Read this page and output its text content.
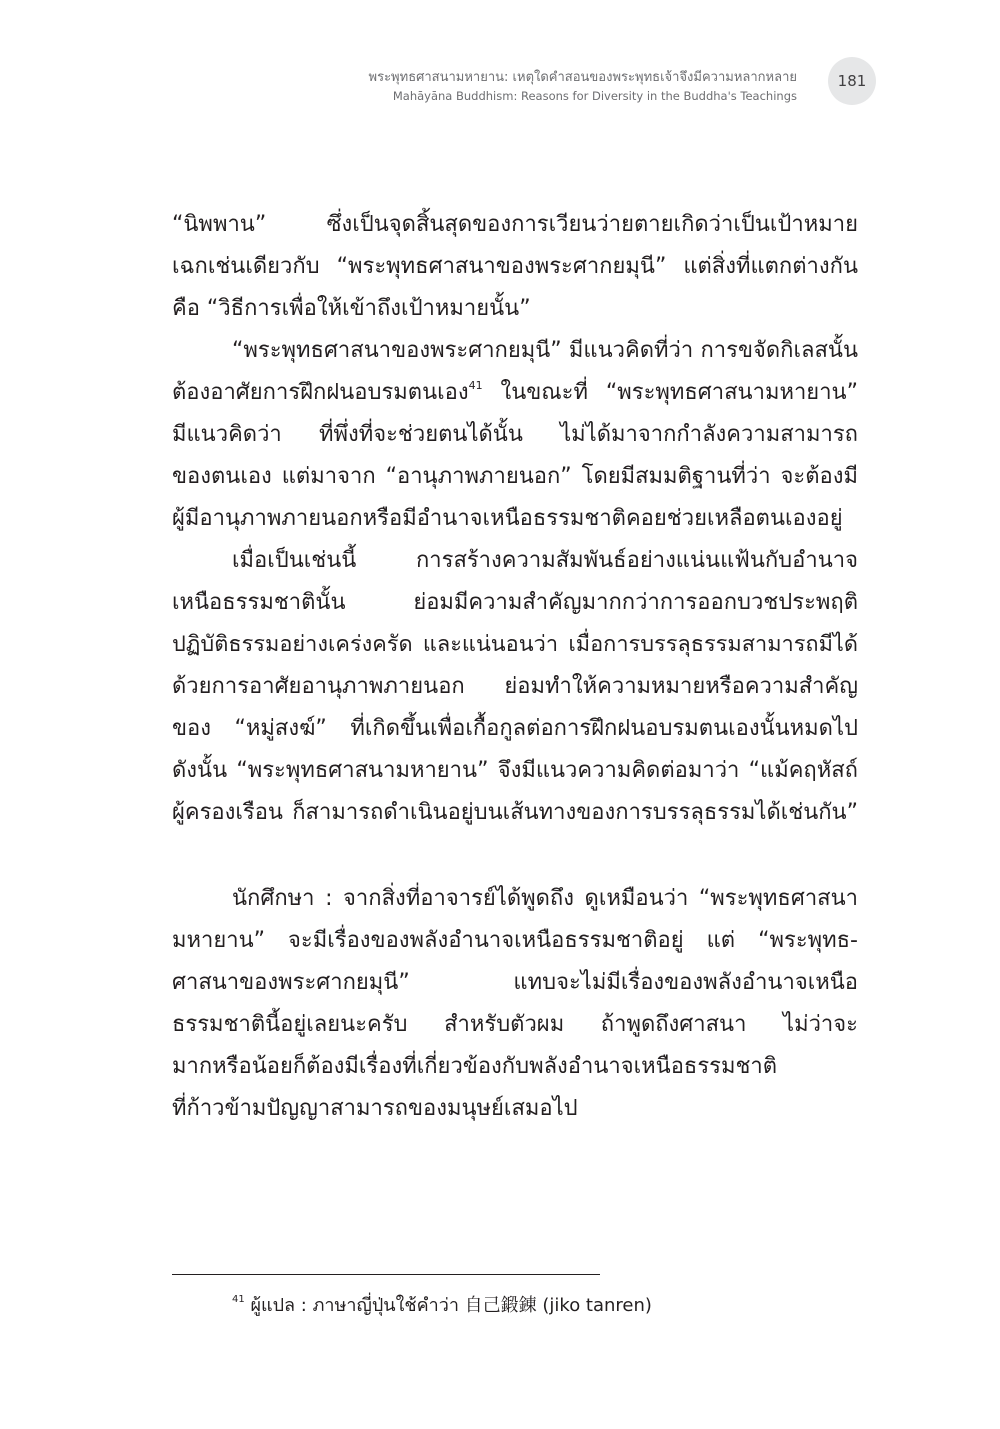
พระพุทธศาสนามหายาน: เหตุใดคำสอนของพระพุทธเจ้าจึงมีความหลากหลาย
Mahāyāna Buddhism: Reasons for Diversity in the Buddha's Teachings
181
“นิพพาน” ซึ่งเป็นจุดสิ้นสุดของการเวียนว่ายตายเกิดว่าเป็นเป้าหมาย
เฉกเช่นเดียวกับ “พระพุทธศาสนาของพระศากยมุนี” แต่สิ่งที่แตกต่างกัน
คือ “วิธีการเพื่อให้เข้าถึงเป้าหมายนั้น”
“พระพุทธศาสนาของพระศากยมุนี” มีแนวคิดที่ว่า การขจัดกิเลสนั้น
ต้องอาศัยการฝึกฝนอบรมตนเอง$^{41}$ ในขณะที่ “พระพุทธศาสนามหายาน”
มีแนวคิดว่า ที่พึ่งที่จะช่วยตนได้นั้น ไม่ได้มาจากกำลังความสามารถ
ของตนเอง แต่มาจาก “อานุภาพภายนอก” โดยมีสมมติฐานที่ว่า จะต้องมี
ผู้มีอานุภาพภายนอกหรือมีอำนาจเหนือธรรมชาติคอยช่วยเหลือตนเองอยู่
เมื่อเป็นเช่นนี้ การสร้างความสัมพันธ์อย่างแน่นแฟ้นกับอำนาจ
เหนือธรรมชาตินั้น ย่อมมีความสำคัญมากกว่าการออกบวชประพฤติ
ปฏิบัติธรรมอย่างเคร่งครัด และแน่นอนว่า เมื่อการบรรลุธรรมสามารถมีได้
ด้วยการอาศัยอานุภาพภายนอก ย่อมทำให้ความหมายหรือความสำคัญ
ของ “หมู่สงฆ์” ที่เกิดขึ้นเพื่อเกื้อกูลต่อการฝึกฝนอบรมตนเองนั้นหมดไป
ดังนั้น “พระพุทธศาสนามหายาน” จึงมีแนวความคิดต่อมาว่า “แม้คฤหัสถ์
ผู้ครองเรือน ก็สามารถดำเนินอยู่บนเส้นทางของการบรรลุธรรมได้เช่นกัน”
นักศึกษา : จากสิ่งที่อาจารย์ได้พูดถึง ดูเหมือนว่า “พระพุทธศาสนา
มหายาน” จะมีเรื่องของพลังอำนาจเหนือธรรมชาติอยู่ แต่ “พระพุทธ-
ศาสนาของพระศากยมุนี” แทบจะไม่มีเรื่องของพลังอำนาจเหนือ
ธรรมชาตินี้อยู่เลยนะครับ สำหรับตัวผม ถ้าพูดถึงศาสนา ไม่ว่าจะ
มากหรือน้อยก็ต้องมีเรื่องที่เกี่ยวข้องกับพลังอำนาจเหนือธรรมชาติ
ที่ก้าวข้ามปัญญาสามารถของมนุษย์เสมอไป
$^{41}$ ผู้แปล : ภาษาญี่ปุ่นใช้คำว่า 自己鍛錬 (jiko tanren)
